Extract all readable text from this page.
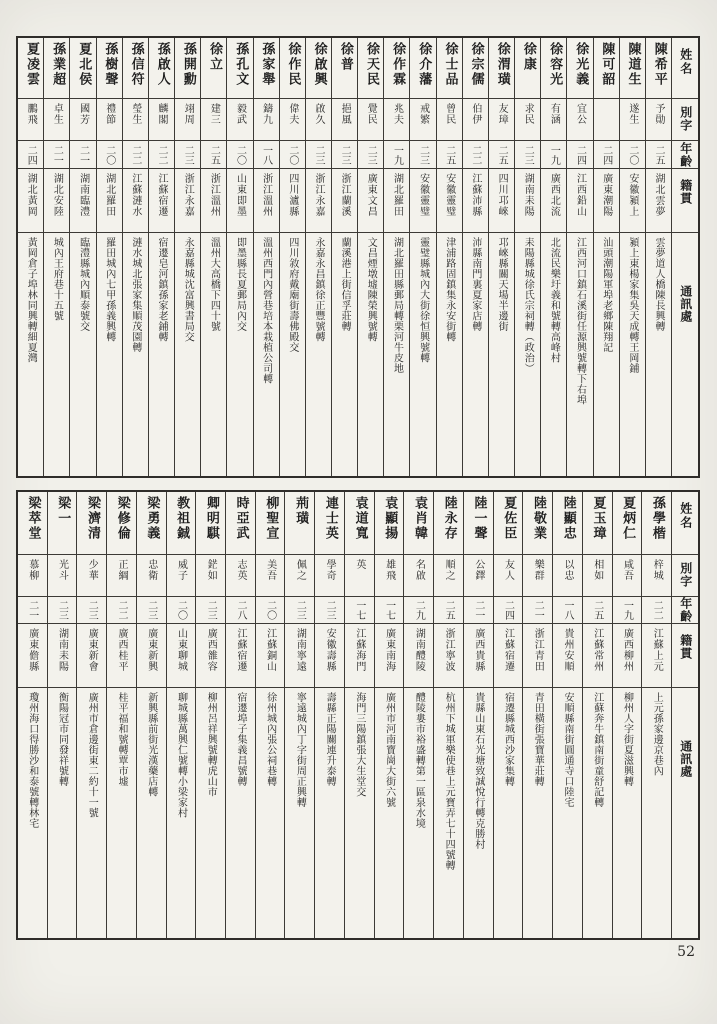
姓名
別字
年齡
籍貫
通訊處
陳希平
予勛
二五
湖北雲夢
雲夢道人橋陳長興轉
陳道生
遂生
二〇
安徽潁上
潁上東楊家集吳天成轉王岡鋪
陳可韶
二四
廣東潮陽
汕頭潮陽軍埠老鄉陳翔記
徐光義
宜公
二四
江西鉛山
江西河口鎮石溪街任源興號轉下右埠
徐容光
有涵
一九
廣西北流
北流民樂圩義和號轉高峰村
徐康
求民
二三
湖南耒陽
耒陽縣城徐氏宗祠轉（政治）
徐渭璜
友璋
二五
四川邛崍
邛崍縣關天場半邊街
徐宗儒
伯伊
二二
江蘇沛縣
沛縣南門裏夏家店轉
徐士品
曾民
二五
安徽靈璧
津浦路固鎮集永安街轉
徐介藩
戒繁
二三
安徽靈璧
靈璧縣城內大街徐恒興號轉
徐作霖
兆夫
一九
湖北羅田
湖北羅田縣郵局轉栗河牛皮地
徐天民
覺民
二三
廣東文昌
文昌煙墩墟陳榮興號轉
徐普
挹風
二三
浙江蘭溪
蘭溪港上街信孚莊轉
徐啟興
啟久
二三
浙江永嘉
永嘉永昌鎮徐正豐號轉
徐作民
偉夫
二〇
四川瀘縣
四川敘府戴廟街壽佛殿交
孫家舉
鑄九
一八
浙江溫州
溫州西門內營巷培本栽植公司轉
孫孔文
毅武
二〇
山東即墨
即墨縣長夏郵局內交
徐立
建三
二五
浙江溫州
溫州大高橋下四十號
孫開勳
翊周
二三
浙江永嘉
永嘉縣城沈富興書局交
孫啟人
麟閣
二二
江蘇宿遷
宿遷皂河鎮孫家老鋪轉
孫信符
瑩生
二二
江蘇漣水
漣水城北張家集順茂園轉
孫樹聲
禮節
二〇
湖北羅田
羅田城內七甲孫義興轉
夏北侯
國芳
二一
湖南臨澧
臨澧縣城內順泰號交
孫業超
卓生
二一
湖北安陸
城內王府巷十五號
夏凌雲
鵬飛
二四
湖北黃岡
黃岡倉子埠林同興轉細夏灣
姓名
別字
年齡
籍貫
通訊處
孫學楷
梓城
二二
江蘇上元
上元孫家邊京巷內
夏炳仁
咸吾
一九
廣西柳州
柳州人字街夏滋興轉
夏玉璋
相如
二五
江蘇常州
江蘇奔牛鎮南街童舒記轉
陸顯忠
以忠
一八
貴州安順
安順縣南街圓通寺口陸宅
陸敬業
樂群
二一
浙江青田
青田橫街張寶華莊轉
夏佐臣
友人
二四
江蘇宿遷
宿遷縣城西沙家集轉
陸一聲
公鐸
二一
廣西貴縣
貴縣山東石光塘致誠悅行轉克勝村
陸永存
順之
二五
浙江寧波
杭州下城軍樂使巷上元寶弄七十四號轉
袁肖韓
名啟
二九
湖南醴陵
醴陵婁市裕盛轉第一區泉水境
袁顯揚
雄飛
一七
廣東南海
廣州市河南寶崗大街六號
袁道寬
英
一七
江蘇海門
海門三陽鎮張大生堂交
連士英
學奇
二三
安徽壽縣
壽縣正陽關連升泰轉
荊璜
佩之
二三
湖南寧遠
寧遠城內丁字街周正興轉
柳聖宣
美吾
二〇
江蘇銅山
徐州城內張公祠巷轉
時亞武
志英
二八
江蘇宿遷
宿遷埠子集義昌號轉
卿明騏
鋩如
二三
廣西雒容
柳州呂祥興號轉虎山市
教祖鋮
威子
二〇
山東聊城
聊城縣萬興仁號轉小梁家村
梁勇義
忠衛
二三
廣東新興
新興縣前街光漢藥店轉
梁修倫
正綱
二二
廣西桂平
桂平福和號轉覃市墟
梁濟清
少華
二三
廣東新會
廣州市倉邊街東二約十一號
梁一
光斗
二三
湖南耒陽
衡陽冠市同發祥號轉
梁萃堂
慕柳
二一
廣東儋縣
瓊州海口得勝沙和泰號轉林宅
52
